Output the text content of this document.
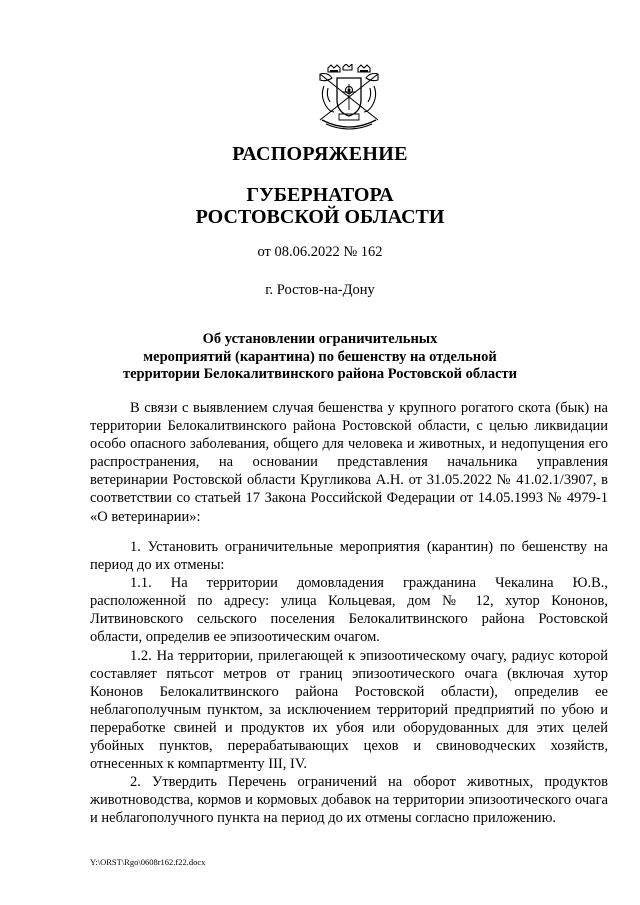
РАСПОРЯЖЕНИЕ
ГУБЕРНАТОРА
РОСТОВСКОЙ ОБЛАСТИ
от 08.06.2022 № 162
г. Ростов-на-Дону
Об установлении ограничительных
мероприятий (карантина) по бешенству на отдельной
территории Белокалитвинского района Ростовской области

В связи с выявлением случая бешенства у крупного рогатого скота (бык) на территории Белокалитвинского района Ростовской области, с целью ликвидации особо опасного заболевания, общего для человека и животных, и недопущения его распространения, на основании представления начальника управления ветеринарии Ростовской области Кругликова А.Н. от 31.05.2022 № 41.02.1/3907, в соответствии со статьей 17 Закона Российской Федерации от 14.05.1993 № 4979-1 «О ветеринарии»:

1. Установить ограничительные мероприятия (карантин) по бешенству на период до их отмены:

1.1. На территории домовладения гражданина Чекалина Ю.В., расположенной по адресу: улица Кольцевая, дом № 12, хутор Кононов, Литвиновского сельского поселения Белокалитвинского района Ростовской области, определив ее эпизоотическим очагом.

1.2. На территории, прилегающей к эпизоотическому очагу, радиус которой составляет пятьсот метров от границ эпизоотического очага (включая хутор Кононов Белокалитвинского района Ростовской области), определив ее неблагополучным пунктом, за исключением территорий предприятий по убою и переработке свиней и продуктов их убоя или оборудованных для этих целей убойных пунктов, перерабатывающих цехов и свиноводческих хозяйств, отнесенных к компартменту III, IV.

2. Утвердить Перечень ограничений на оборот животных, продуктов животноводства, кормов и кормовых добавок на территории эпизоотического очага и неблагополучного пункта на период до их отмены согласно приложению.

Y:\ORST\Rgo\0608r162.f22.docx
